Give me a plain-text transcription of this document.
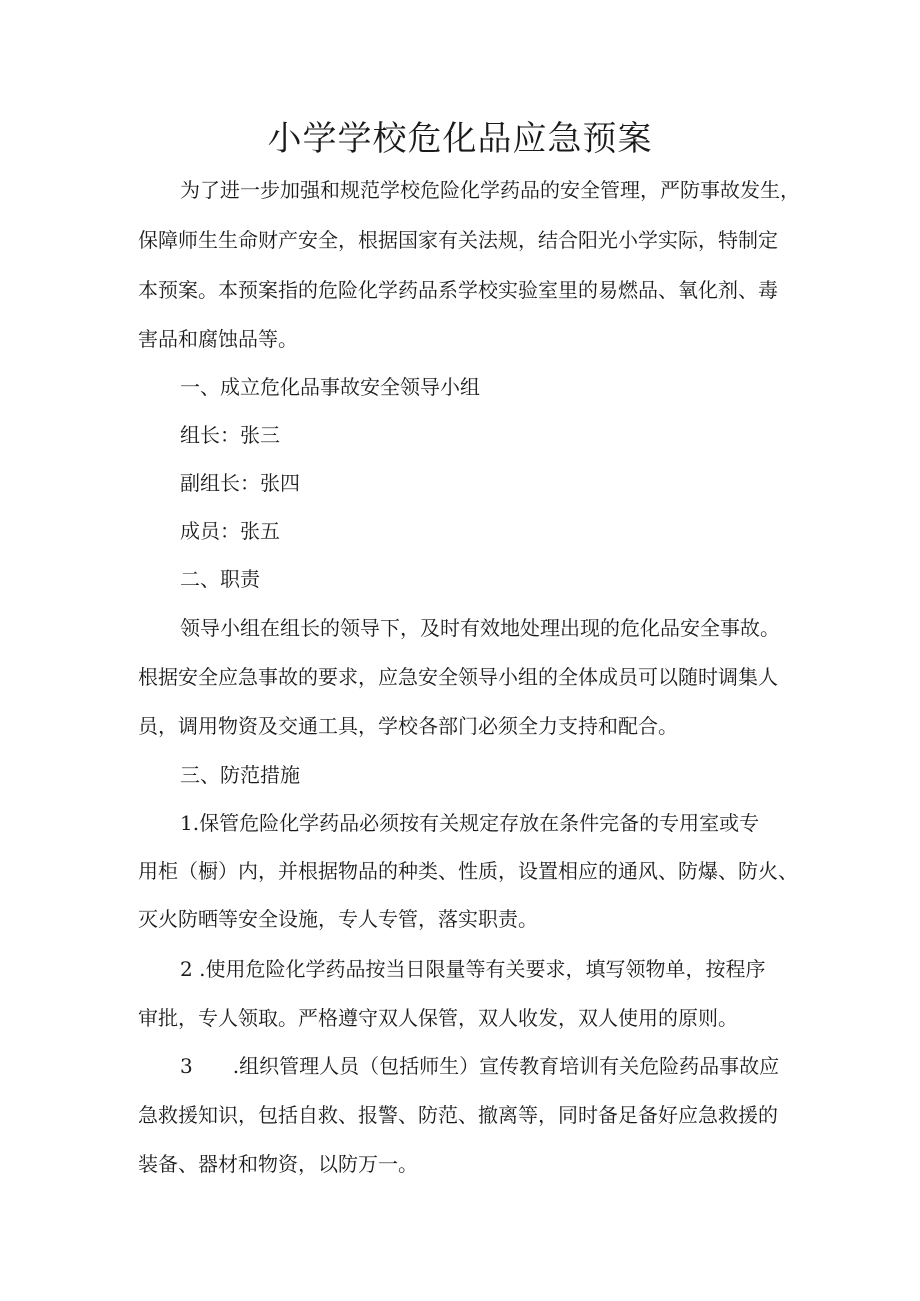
小学学校危化品应急预案

为了进一步加强和规范学校危险化学药品的安全管理，严防事故发生，

保障师生生命财产安全，根据国家有关法规，结合阳光小学实际，特制定

本预案。本预案指的危险化学药品系学校实验室里的易燃品、氧化剂、毒

害品和腐蚀品等。

一、成立危化品事故安全领导小组

组长：张三

副组长：张四

成员：张五

二、职责

领导小组在组长的领导下，及时有效地处理出现的危化品安全事故。

根据安全应急事故的要求，应急安全领导小组的全体成员可以随时调集人

员，调用物资及交通工具，学校各部门必须全力支持和配合。

三、防范措施

1.保管危险化学药品必须按有关规定存放在条件完备的专用室或专

用柜（橱）内，并根据物品的种类、性质，设置相应的通风、防爆、防火、

灭火防晒等安全设施，专人专管，落实职责。

2 .使用危险化学药品按当日限量等有关要求，填写领物单，按程序

审批，专人领取。严格遵守双人保管，双人收发，双人使用的原则。

3　　.组织管理人员（包括师生）宣传教育培训有关危险药品事故应

急救援知识，包括自救、报警、防范、撤离等，同时备足备好应急救援的

装备、器材和物资，以防万一。
